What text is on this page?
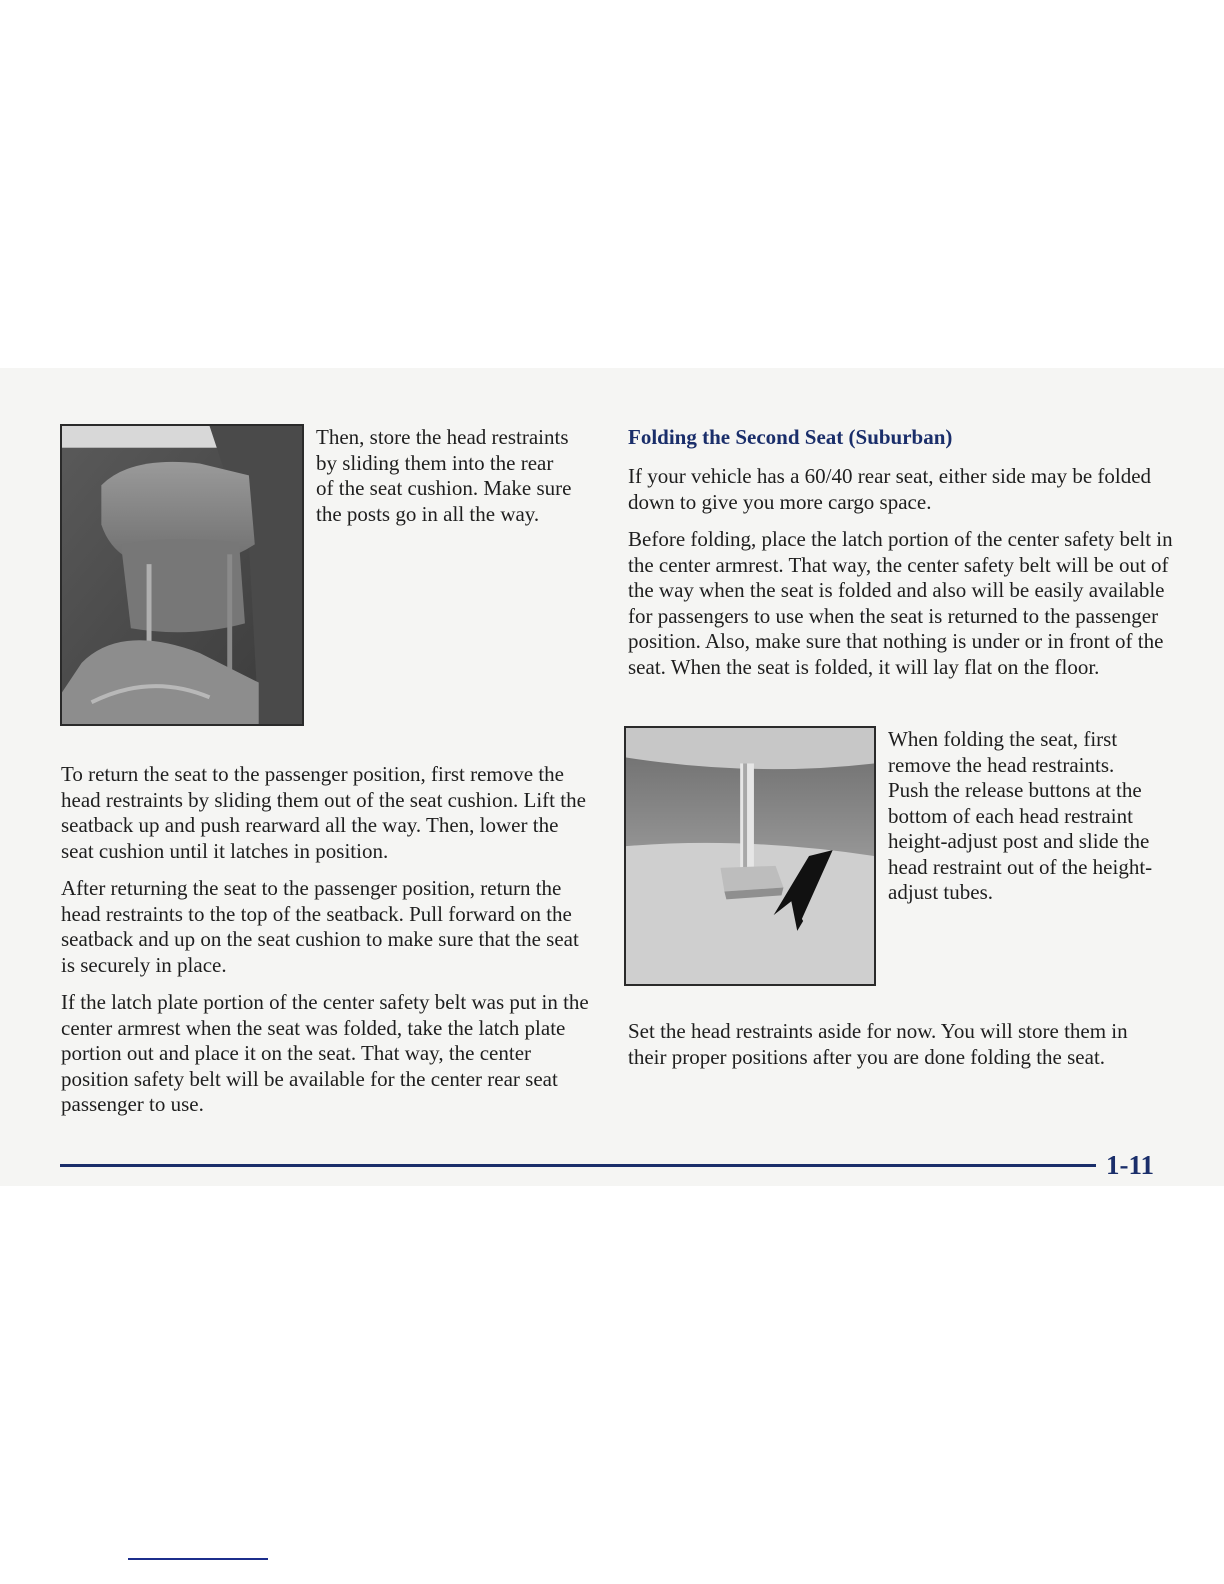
Then, store the head restraints by sliding them into the rear of the seat cushion. Make sure the posts go in all the way.

To return the seat to the passenger position, first remove the head restraints by sliding them out of the seat cushion. Lift the seatback up and push rearward all the way. Then, lower the seat cushion until it latches in position.

After returning the seat to the passenger position, return the head restraints to the top of the seatback. Pull forward on the seatback and up on the seat cushion to make sure that the seat is securely in place.

If the latch plate portion of the center safety belt was put in the center armrest when the seat was folded, take the latch plate portion out and place it on the seat. That way, the center position safety belt will be available for the center rear seat passenger to use.

Folding the Second Seat (Suburban)

If your vehicle has a 60/40 rear seat, either side may be folded down to give you more cargo space.

Before folding, place the latch portion of the center safety belt in the center armrest. That way, the center safety belt will be out of the way when the seat is folded and also will be easily available for passengers to use when the seat is returned to the passenger position. Also, make sure that nothing is under or in front of the seat. When the seat is folded, it will lay flat on the floor.

When folding the seat, first remove the head restraints. Push the release buttons at the bottom of each head restraint height-adjust post and slide the head restraint out of the height-adjust tubes.

Set the head restraints aside for now. You will store them in their proper positions after you are done folding the seat.

1-11
